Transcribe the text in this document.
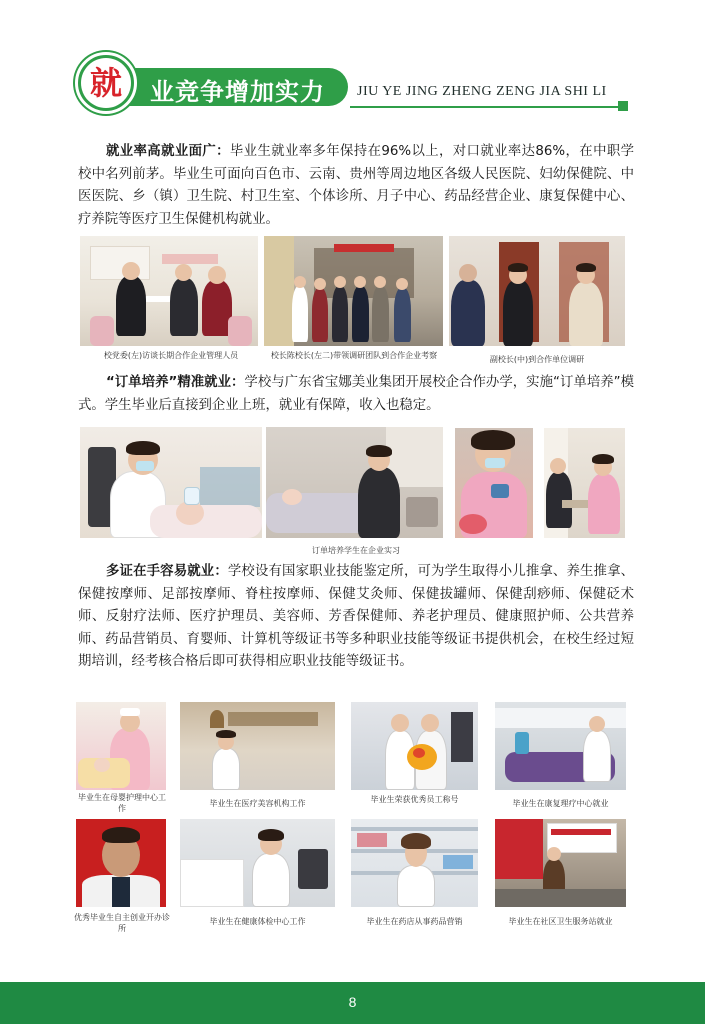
就 业竞争增加实力 JIU YE JING ZHENG ZENG JIA SHI LI

就业率高就业面广：毕业生就业率多年保持在96%以上，对口就业率达86%，在中职学校中名列前茅。毕业生可面向百色市、云南、贵州等周边地区各级人民医院、妇幼保健院、中医医院、乡（镇）卫生院、村卫生室、个体诊所、月子中心、药品经营企业、康复保健中心、疗养院等医疗卫生保健机构就业。

校党委(左)访谈长期合作企业管理人员	校长陈校长(左二)带领调研团队到合作企业考察	副校长(中)到合作单位调研

“订单培养”精准就业：学校与广东省宝娜美业集团开展校企合作办学，实施“订单培养”模式。学生毕业后直接到企业上班，就业有保障，收入也稳定。

订单培养学生在企业实习

多证在手容易就业：学校设有国家职业技能鉴定所，可为学生取得小儿推拿、养生推拿、保健按摩师、足部按摩师、脊柱按摩师、保健艾灸师、保健拔罐师、保健刮痧师、保健砭术师、反射疗法师、医疗护理员、美容师、芳香保健师、养老护理员、健康照护师、公共营养师、药品营销员、育婴师、计算机等级证书等多种职业技能等级证书提供机会，在校生经过短期培训，经考核合格后即可获得相应职业技能等级证书。

毕业生在母婴护理中心工作
毕业生在医疗美容机构工作	毕业生荣获优秀员工称号	毕业生在康复理疗中心就业
优秀毕业生自主创业开办诊所
毕业生在健康体检中心工作	毕业生在药店从事药品营销	毕业生在社区卫生服务站就业
8
